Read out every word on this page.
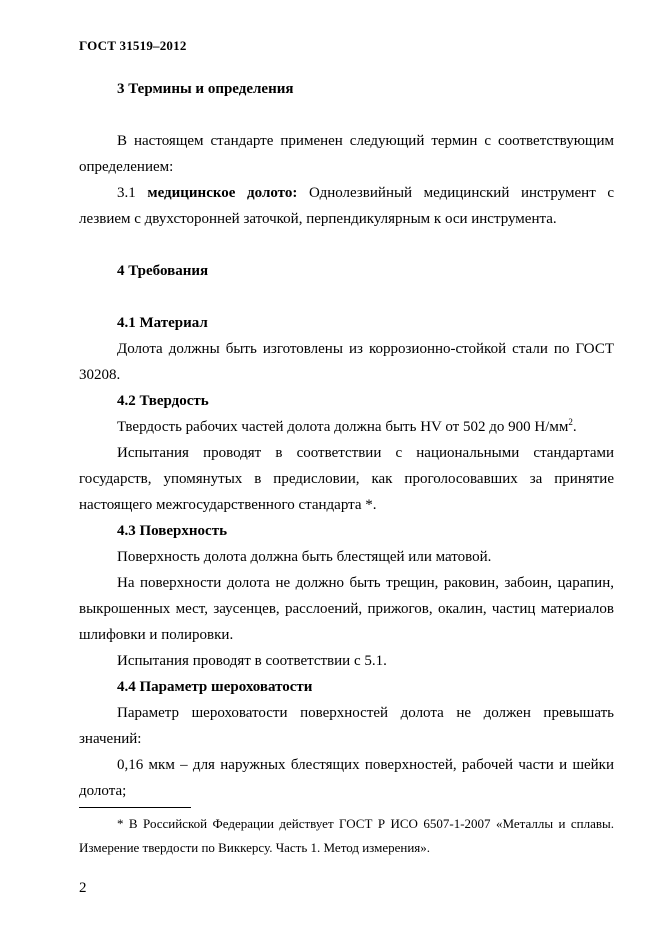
ГОСТ 31519–2012

3 Термины и определения

В настоящем стандарте применен следующий термин с соответствующим определением:

3.1 медицинское долото: Однолезвийный медицинский инструмент с лезвием с двухсторонней заточкой, перпендикулярным к оси инструмента.

4 Требования

4.1 Материал

Долота должны быть изготовлены из коррозионно-стойкой стали по ГОСТ 30208.

4.2 Твердость

Твердость рабочих частей долота должна быть HV от 502 до 900 $Н/мм^2$.

Испытания проводят в соответствии с национальными стандартами государств, упомянутых в предисловии, как проголосовавших за принятие настоящего межгосударственного стандарта *.

4.3 Поверхность

Поверхность долота должна быть блестящей или матовой.

На поверхности долота не должно быть трещин, раковин, забоин, царапин, выкрошенных мест, заусенцев, расслоений, прижогов, окалин, частиц материалов шлифовки и полировки.

Испытания проводят в соответствии с 5.1.

4.4 Параметр шероховатости

Параметр шероховатости поверхностей долота не должен превышать значений:

0,16 мкм – для наружных блестящих поверхностей, рабочей части и шейки долота;

* В Российской Федерации действует ГОСТ Р ИСО 6507-1-2007 «Металлы и сплавы. Измерение твердости по Виккерсу. Часть 1. Метод измерения».
2
